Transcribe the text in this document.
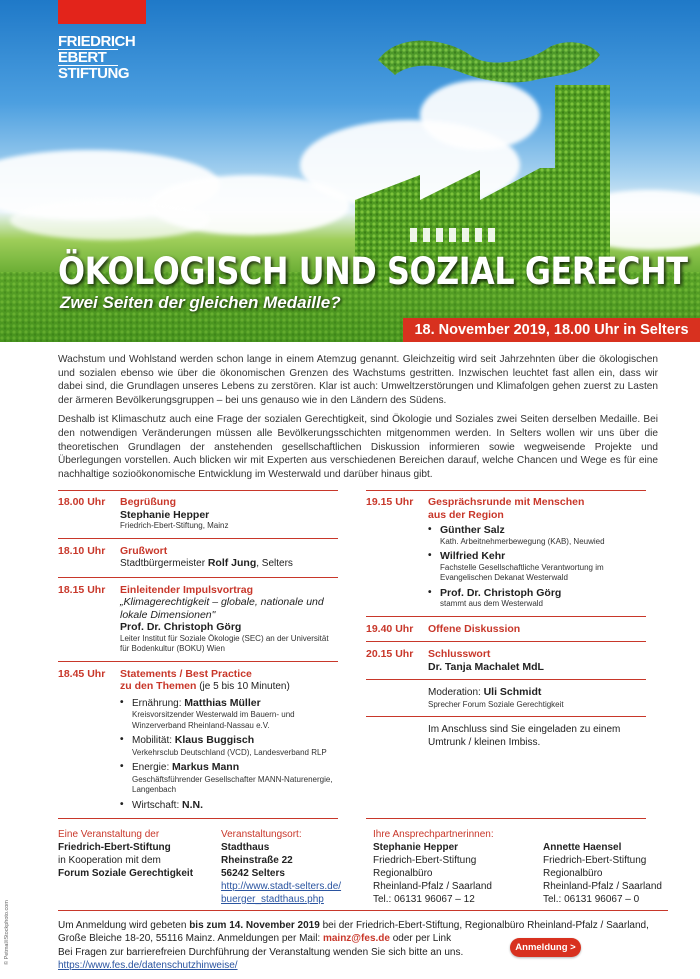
FRIEDRICH
EBERT
STIFTUNG
ÖKOLOGISCH UND SOZIAL GERECHT
Zwei Seiten der gleichen Medaille?
18. November 2019, 18.00 Uhr in Selters

Wachstum und Wohlstand werden schon lange in einem Atemzug genannt. Gleichzeitig wird seit Jahrzehnten über die ökologischen und sozialen ebenso wie über die ökonomischen Grenzen des Wachstums gestritten. Inzwischen leuchtet fast allen ein, dass wir dabei sind, die Grundlagen unseres Lebens zu zerstören. Klar ist auch: Umweltzerstörungen und Klimafolgen gehen zuerst zu Lasten der ärmeren Bevölkerungsgruppen – bei uns genauso wie in den Ländern des Südens.

Deshalb ist Klimaschutz auch eine Frage der sozialen Gerechtigkeit, sind Ökologie und Soziales zwei Seiten derselben Medaille. Bei den notwendigen Veränderungen müssen alle Bevölkerungsschichten mitgenommen werden. In Selters wollen wir uns über die theoretischen Grundlagen der anstehenden gesellschaftlichen Diskussion informieren sowie wegweisende Projekte und Überlegungen vorstellen. Auch blicken wir mit Experten aus verschiedenen Bereichen darauf, welche Chancen und Wege es für eine nachhaltige sozioökonomische Entwicklung im Westerwald und darüber hinaus gibt.

18.00 Uhr Begrüßung
Stephanie Hepper
Friedrich-Ebert-Stiftung, Mainz
18.10 Uhr Grußwort
Stadtbürgermeister Rolf Jung, Selters
18.15 Uhr Einleitender Impulsvortrag
„Klimagerechtigkeit – globale, nationale und lokale Dimensionen"
Prof. Dr. Christoph Görg
Leiter Institut für Soziale Ökologie (SEC) an der Universität für Bodenkultur (BOKU) Wien
18.45 Uhr Statements / Best Practice
zu den Themen (je 5 bis 10 Minuten)
• Ernährung: Matthias Müller
Kreisvorsitzender Westerwald im Bauern- und Winzerverband Rheinland-Nassau e.V.
• Mobilität: Klaus Buggisch
Verkehrsclub Deutschland (VCD), Landesverband RLP
• Energie: Markus Mann
Geschäftsführender Gesellschafter MANN-Naturenergie, Langenbach
• Wirtschaft: N.N.
19.15 Uhr Gesprächsrunde mit Menschen
aus der Region
• Günther Salz
Kath. Arbeitnehmerbewegung (KAB), Neuwied
• Wilfried Kehr
Fachstelle Gesellschaftliche Verantwortung im Evangelischen Dekanat Westerwald
• Prof. Dr. Christoph Görg
stammt aus dem Westerwald
19.40 Uhr Offene Diskussion
20.15 Uhr Schlusswort
Dr. Tanja Machalet MdL
Moderation: Uli Schmidt
Sprecher Forum Soziale Gerechtigkeit
Im Anschluss sind Sie eingeladen zu einem Umtrunk / kleinen Imbiss.
Eine Veranstaltung der
Friedrich-Ebert-Stiftung
in Kooperation mit dem
Forum Soziale Gerechtigkeit
Veranstaltungsort:
Stadthaus
Rheinstraße 22
56242 Selters
http://www.stadt-selters.de/
buerger_stadthaus.php
Ihre Ansprechpartnerinnen:
Stephanie Hepper
Friedrich-Ebert-Stiftung
Regionalbüro
Rheinland-Pfalz / Saarland
Tel.: 06131 96067 – 12
Annette Haensel
Friedrich-Ebert-Stiftung
Regionalbüro
Rheinland-Pfalz / Saarland
Tel.: 06131 96067 – 0
Um Anmeldung wird gebeten bis zum 14. November 2019 bei der Friedrich-Ebert-Stiftung, Regionalbüro Rheinland-Pfalz / Saarland, Große Bleiche 18-20, 55116 Mainz. Anmeldungen per Mail: mainz@fes.de oder per Link
Bei Fragen zur barrierefreien Durchführung der Veranstaltung wenden Sie sich bitte an uns.
https://www.fes.de/datenschutzhinweise/
Anmeldung >
© Petmal/iStockphoto.com
